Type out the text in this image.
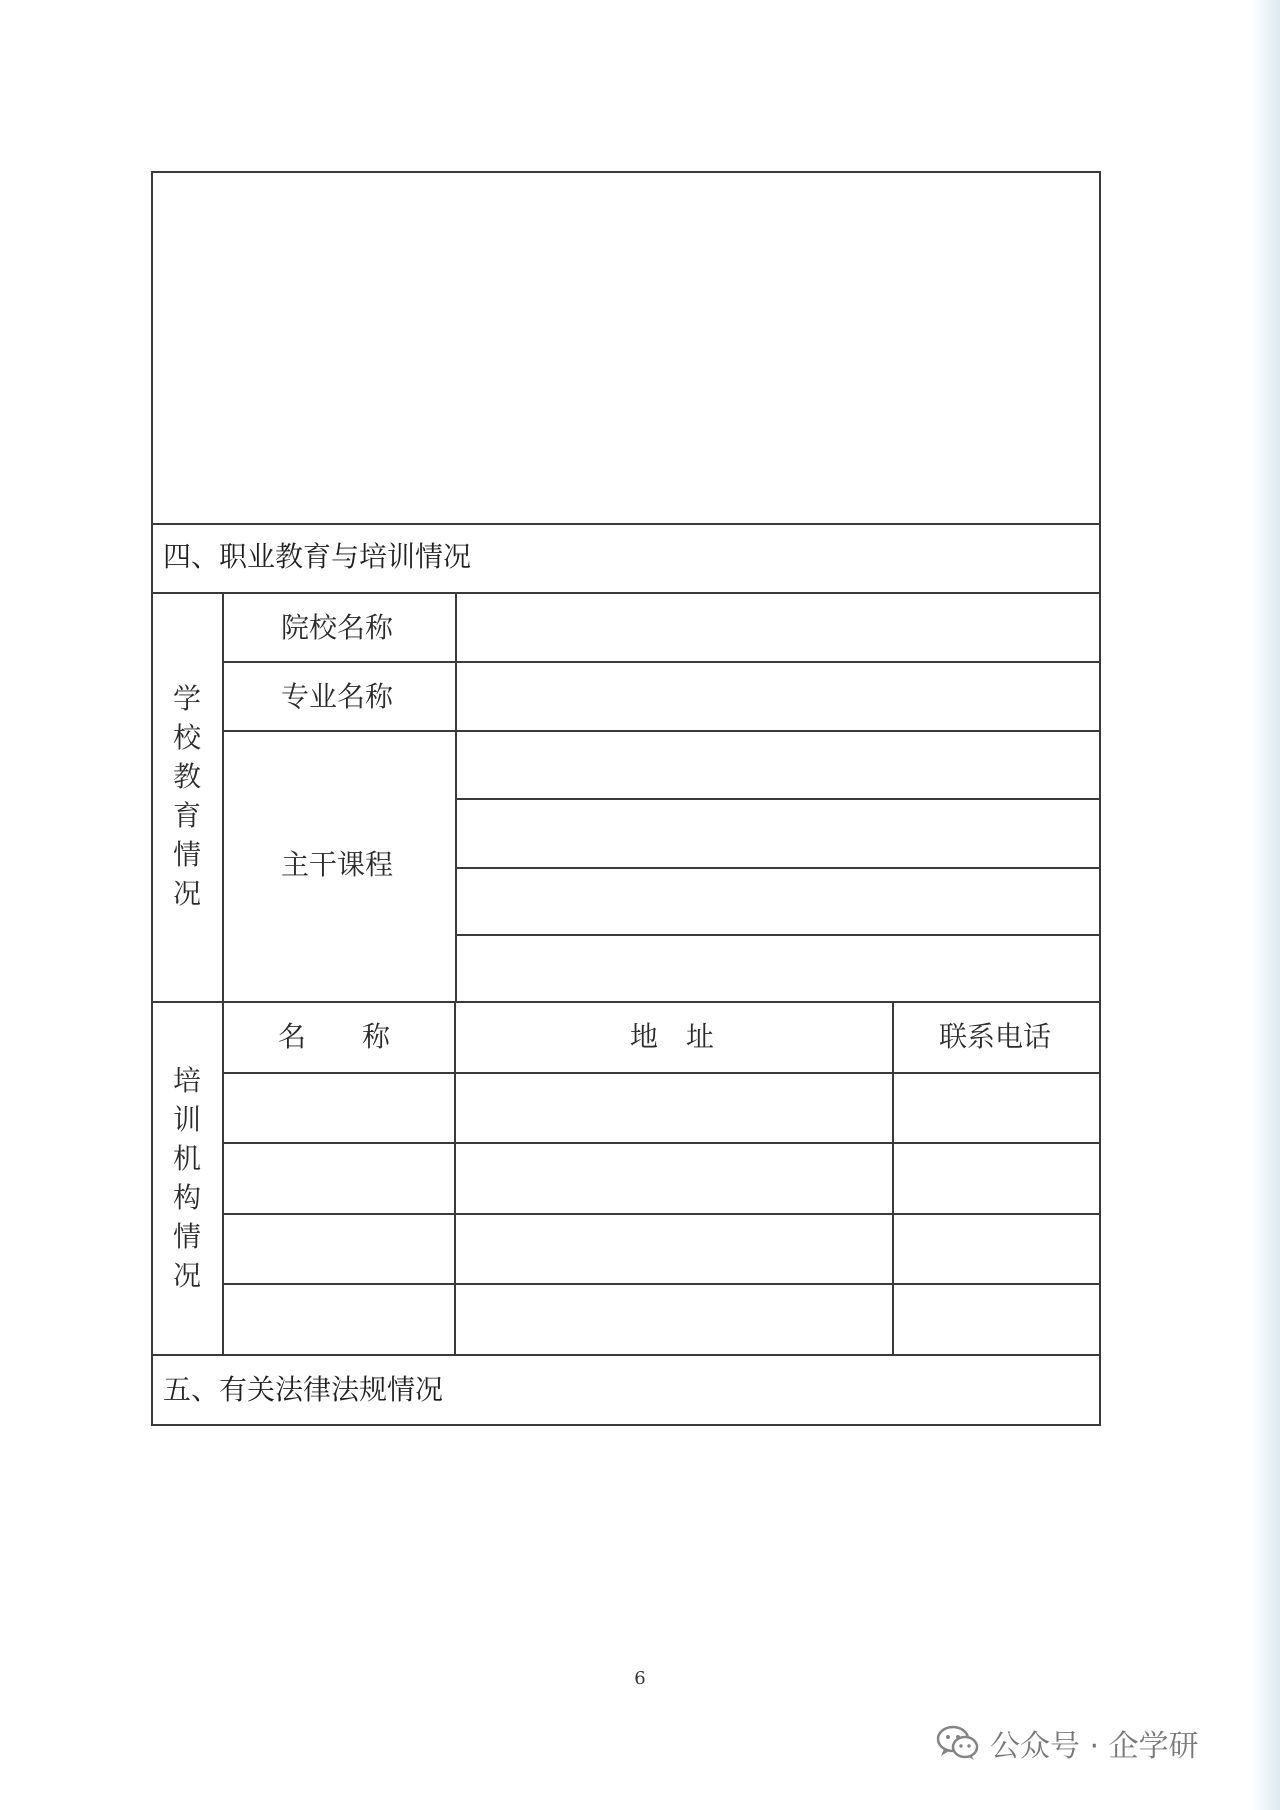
四、职业教育与培训情况
五、有关法律法规情况
学
校
教
育
情
况
院校名称
专业名称
主干课程
培
训
机
构
情
况
名　　称	地　址	联系电话
6
公众号 · 企学研
